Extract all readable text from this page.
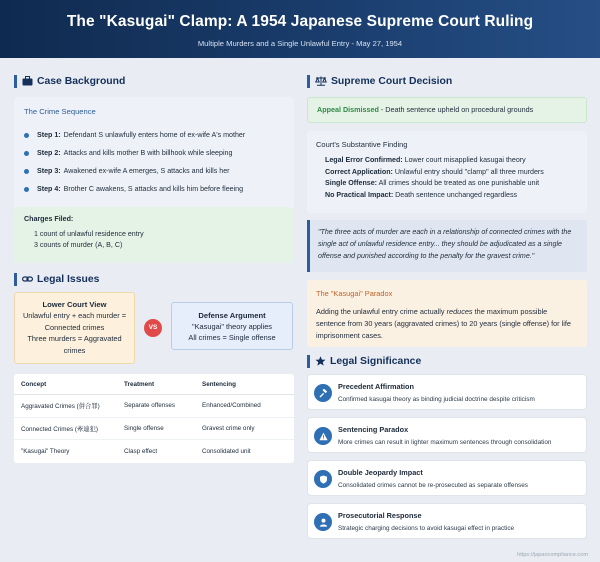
The "Kasugai" Clamp: A 1954 Japanese Supreme Court Ruling
Multiple Murders and a Single Unlawful Entry - May 27, 1954
Case Background
The Crime Sequence
Step 1: Defendant S unlawfully enters home of ex-wife A's mother
Step 2: Attacks and kills mother B with billhook while sleeping
Step 3: Awakened ex-wife A emerges, S attacks and kills her
Step 4: Brother C awakens, S attacks and kills him before fleeing
Charges Filed:
1 count of unlawful residence entry
3 counts of murder (A, B, C)
Legal Issues
Lower Court View
Unlawful entry + each murder =
Connected crimes
Three murders = Aggravated
crimes
VS
Defense Argument
"Kasugai" theory applies
All crimes = Single offense
Concept	Treatment	Sentencing
Aggravated Crimes (併合罪)	Separate offenses	Enhanced/Combined
Connected Crimes (牽連犯)	Single offense	Gravest crime only
"Kasugai" Theory	Clasp effect	Consolidated unit
Supreme Court Decision
Appeal Dismissed - Death sentence upheld on procedural grounds
Court's Substantive Finding
Legal Error Confirmed: Lower court misapplied kasugai theory
Correct Application: Unlawful entry should "clamp" all three murders
Single Offense: All crimes should be treated as one punishable unit
No Practical Impact: Death sentence unchanged regardless
"The three acts of murder are each in a relationship of connected crimes with the single act of unlawful residence entry... they should be adjudicated as a single offense and punished according to the penalty for the gravest crime."
The "Kasugai" Paradox
Adding the unlawful entry crime actually reduces the maximum possible sentence from 30 years (aggravated crimes) to 20 years (single offense) for life imprisonment cases.
Legal Significance
Precedent Affirmation
Confirmed kasugai theory as binding judicial doctrine despite criticism
Sentencing Paradox
More crimes can result in lighter maximum sentences through consolidation
Double Jeopardy Impact
Consolidated crimes cannot be re-prosecuted as separate offenses
Prosecutorial Response
Strategic charging decisions to avoid kasugai effect in practice
https://japancompliance.com
